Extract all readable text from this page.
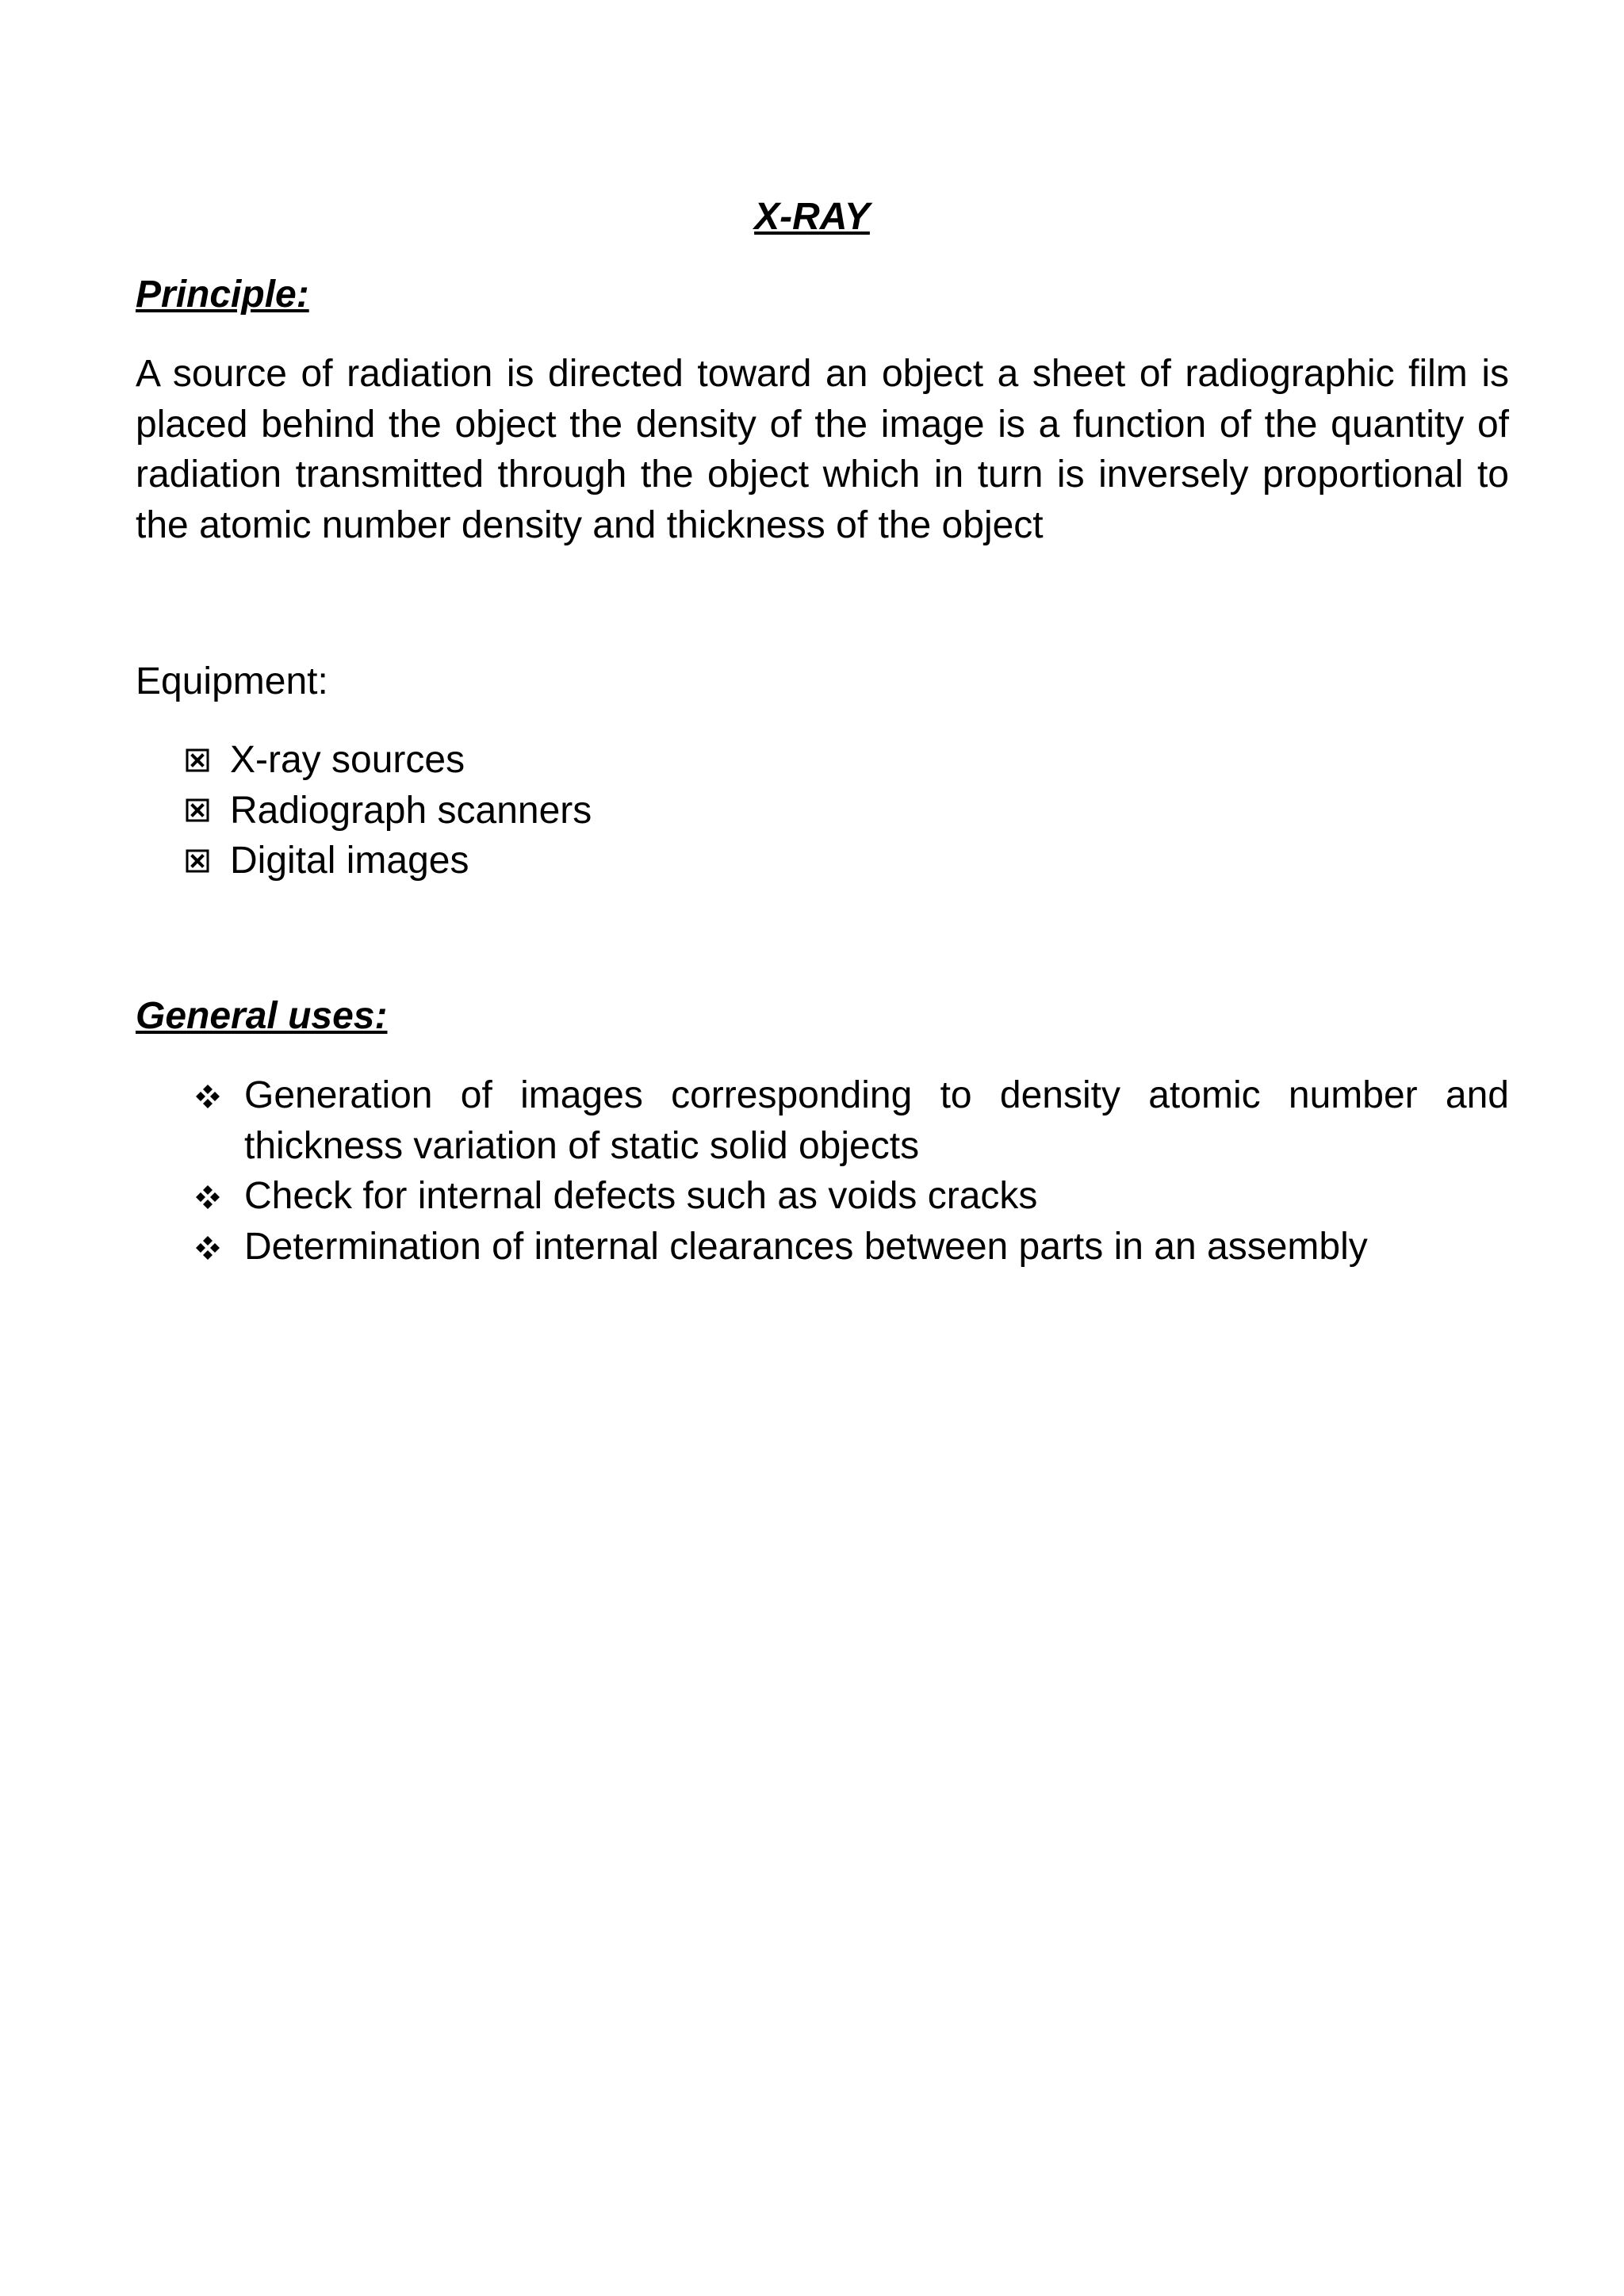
X-RAY
Principle:
A source of radiation is directed toward an object a sheet of radiographic film is placed behind the object the density of the image is a function of the quantity of radiation transmitted through the object which in turn is inversely proportional to the atomic number density and thickness of the object
Equipment:
X-ray sources
Radiograph scanners
Digital images
General uses:
Generation of images corresponding to density atomic number and thickness variation of static solid objects
Check for internal defects such as voids cracks
Determination of internal clearances between parts in an assembly
